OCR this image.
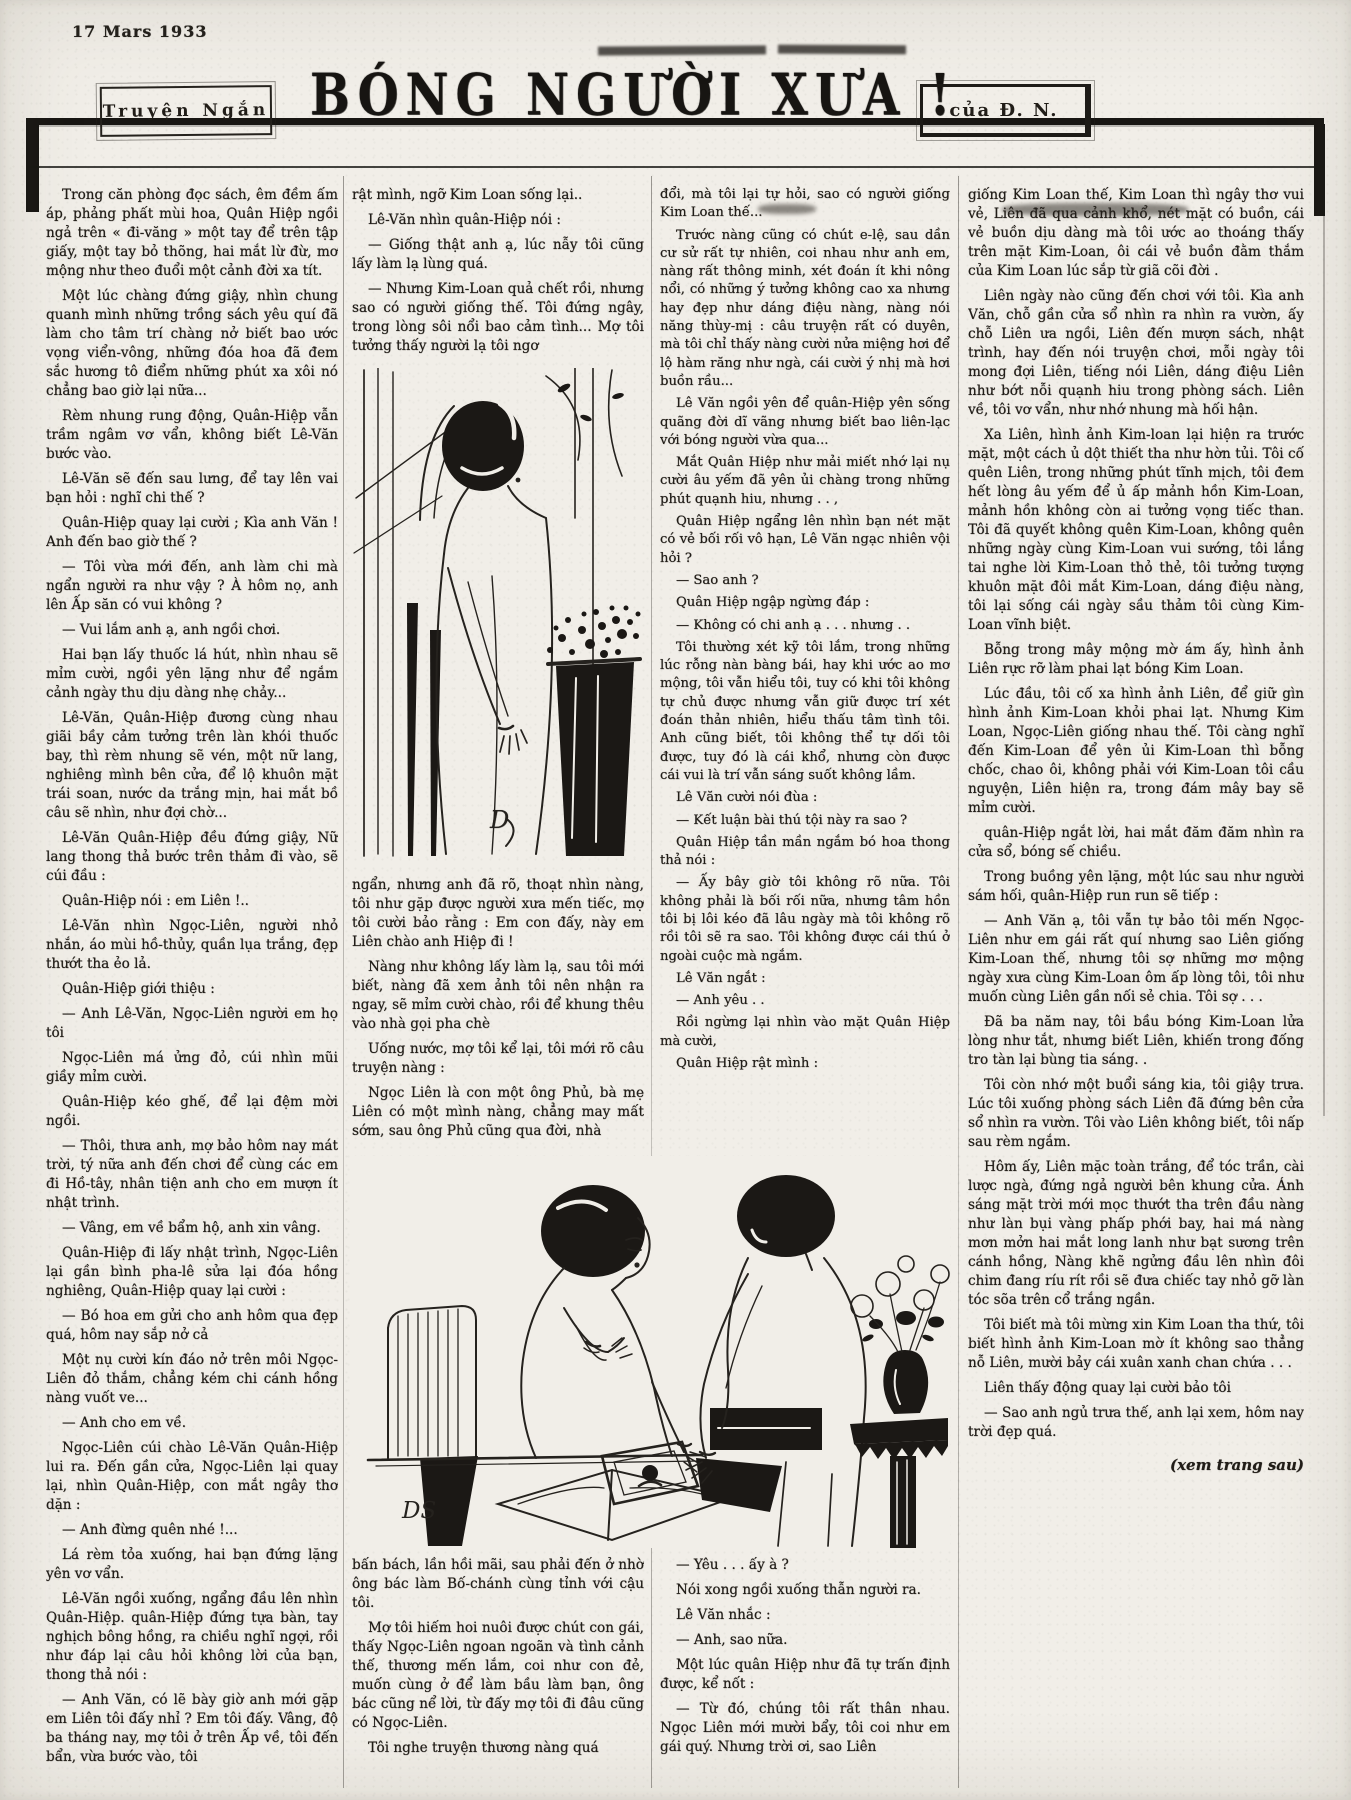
17 Mars 1933
Truyện Ngắn BÓNG NGƯỜI XƯA !
của Đ. N.

Trong căn phòng đọc sách, êm đềm ấm áp, phảng phất mùi hoa, Quân Hiệp ngồi ngả trên « đi-văng » một tay để trên tập giấy, một tay bỏ thõng, hai mắt lừ đừ, mơ mộng như theo đuổi một cảnh đời xa tít.

Một lúc chàng đứng giậy, nhìn chung quanh mình những trồng sách yêu quí đã làm cho tâm trí chàng nở biết bao ước vọng viển-vông, những đóa hoa đã đem sắc hương tô điểm những phút xa xôi nó chẳng bao giờ lại nữa...

Rèm nhung rung động, Quân-Hiệp vẫn trầm ngâm vơ vẩn, không biết Lê-Văn bước vào.

Lê-Văn sẽ đến sau lưng, để tay lên vai bạn hỏi : nghĩ chi thế ?

Quân-Hiệp quay lại cười ; Kìa anh Văn ! Anh đến bao giờ thế ?

— Tôi vừa mới đến, anh làm chi mà ngẩn người ra như vậy ? À hôm nọ, anh lên Ấp săn có vui không ?

— Vui lắm anh ạ, anh ngồi chơi.

Hai bạn lấy thuốc lá hút, nhìn nhau sẽ mỉm cười, ngồi yên lặng như để ngắm cảnh ngày thu dịu dàng nhẹ chảy...

Lê-Văn, Quân-Hiệp đương cùng nhau giãi bầy cảm tưởng trên làn khói thuốc bay, thì rèm nhung sẽ vén, một nữ lang, nghiêng mình bên cửa, để lộ khuôn mặt trái soan, nước da trắng mịn, hai mắt bồ câu sẽ nhìn, như đợi chờ...

Lê-Văn Quân-Hiệp đều đứng giậy, Nữ lang thong thả bước trên thảm đi vào, sẽ cúi đầu :

Quân-Hiệp nói : em Liên !..

Lê-Văn nhìn Ngọc-Liên, người nhỏ nhắn, áo mùi hồ-thủy, quần lụa trắng, đẹp thướt tha ẻo lả.

Quân-Hiệp giới thiệu :

— Anh Lê-Văn, Ngọc-Liên người em họ tôi

Ngọc-Liên má ửng đỏ, cúi nhìn mũi giầy mỉm cười.

Quân-Hiệp kéo ghế, để lại đệm mời ngồi.

— Thôi, thưa anh, mợ bảo hôm nay mát trời, tý nữa anh đến chơi để cùng các em đi Hồ-tây, nhân tiện anh cho em mượn ít nhật trình.

— Vâng, em về bẩm hộ, anh xin vâng.

Quân-Hiệp đi lấy nhật trình, Ngọc-Liên lại gần bình pha-lê sửa lại đóa hồng nghiêng, Quân-Hiệp quay lại cười :

— Bó hoa em gửi cho anh hôm qua đẹp quá, hôm nay sắp nở cả

Một nụ cười kín đáo nở trên môi Ngọc-Liên đỏ thắm, chẳng kém chi cánh hồng nàng vuốt ve...

— Anh cho em về.

Ngọc-Liên cúi chào Lê-Văn Quân-Hiệp lui ra. Đến gần cửa, Ngọc-Liên lại quay lại, nhìn Quân-Hiệp, con mắt ngây thơ dặn :

— Anh đừng quên nhé !...

Lá rèm tỏa xuống, hai bạn đứng lặng yên vơ vẩn.

Lê-Văn ngồi xuống, ngẩng đầu lên nhìn Quân-Hiệp. quân-Hiệp đứng tựa bàn, tay nghịch bông hồng, ra chiều nghĩ ngợi, rồi như đáp lại câu hỏi không lời của bạn, thong thả nói :

— Anh Văn, có lẽ bày giờ anh mới gặp em Liên tôi đấy nhỉ ? Em tôi đấy. Vâng, độ ba tháng nay, mợ tôi ở trên Ấp về, tôi đến bẩn, vừa bước vào, tôi

rật mình, ngỡ Kim Loan sống lại..

Lê-Văn nhìn quân-Hiệp nói :

— Giống thật anh ạ, lúc nẫy tôi cũng lấy làm lạ lùng quá.

— Nhưng Kim-Loan quả chết rồi, nhưng sao có người giống thế. Tôi đứng ngây, trong lòng sôi nổi bao cảm tình... Mợ tôi tưởng thấy người lạ tôi ngơ

D

ngẩn, nhưng anh đã rõ, thoạt nhìn nàng, tôi như gặp được người xưa mến tiếc, mợ tôi cười bảo rằng : Em con đấy, này em Liên chào anh Hiệp đi !

Nàng như không lấy làm lạ, sau tôi mới biết, nàng đã xem ảnh tôi nên nhận ra ngay, sẽ mỉm cười chào, rồi để khung thêu vào nhà gọi pha chè

Uống nước, mợ tôi kể lại, tôi mới rõ câu truyện nàng :

Ngọc Liên là con một ông Phủ, bà mẹ Liên có một mình nàng, chẳng may mất sớm, sau ông Phủ cũng qua đời, nhà

bấn bách, lần hồi mãi, sau phải đến ở nhờ ông bác làm Bố-chánh cùng tỉnh với cậu tôi.

Mợ tôi hiếm hoi nuôi được chút con gái, thấy Ngọc-Liên ngoan ngoãn và tình cảnh thế, thương mến lắm, coi như con đẻ, muốn cùng ở để làm bầu làm bạn, ông bác cũng nể lời, từ đấy mợ tôi đi đâu cũng có Ngọc-Liên.

Tôi nghe truyện thương nàng quá

đổi, mà tôi lại tự hỏi, sao có người giống Kim Loan thế...

Trước nàng cũng có chút e-lệ, sau dần cư sử rất tự nhiên, coi nhau như anh em, nàng rất thông minh, xét đoán ít khi nông nổi, có những ý tưởng không cao xa nhưng hay đẹp như dáng điệu nàng, nàng nói năng thùy-mị : câu truyện rất có duyên, mà tôi chỉ thấy nàng cười nửa miệng hơi để lộ hàm răng như ngà, cái cười ý nhị mà hơi buồn rầu...

Lê Văn ngồi yên để quân-Hiệp yên sống quãng đời dĩ vãng nhưng biết bao liên-lạc với bóng người vừa qua...

Mắt Quân Hiệp như mải miết nhớ lại nụ cười âu yếm đã yên ủi chàng trong những phút quạnh hiu, nhưng . . ,

Quân Hiệp ngẩng lên nhìn bạn nét mặt có vẻ bối rối vô hạn, Lê Văn ngạc nhiên vội hỏi ?

— Sao anh ?

Quân Hiệp ngập ngừng đáp :

— Không có chi anh ạ . . . nhưng . .

Tôi thường xét kỹ tôi lắm, trong những lúc rỗng nàn bàng bái, hay khi ước ao mơ mộng, tôi vẫn hiểu tôi, tuy có khi tôi không tự chủ được nhưng vẫn giữ được trí xét đoán thản nhiên, hiểu thấu tâm tình tôi. Anh cũng biết, tôi không thể tự dối tôi được, tuy đó là cái khổ, nhưng còn được cái vui là trí vẫn sáng suốt không lầm.

Lê Văn cười nói đùa :

— Kết luận bài thú tội này ra sao ?

Quân Hiệp tần mần ngắm bó hoa thong thả nói :

— Ấy bây giờ tôi không rõ nữa. Tôi không phải là bối rối nữa, nhưng tâm hồn tôi bị lôi kéo đã lâu ngày mà tôi không rõ rồi tôi sẽ ra sao. Tôi không được cái thú ở ngoài cuộc mà ngắm.

Lê Văn ngắt :

— Anh yêu . .

Rồi ngừng lại nhìn vào mặt Quân Hiệp mà cười,

Quân Hiệp rật mình :

— Yêu . . . ấy à ?

Nói xong ngồi xuống thẫn người ra.

Lê Văn nhắc :

— Anh, sao nữa.

Một lúc quân Hiệp như đã tự trấn định được, kể nốt :

— Từ đó, chúng tôi rất thân nhau. Ngọc Liên mới mười bẩy, tôi coi như em gái quý. Nhưng trời ơi, sao Liên

giống Kim Loan thế, Kim Loan thì ngây thơ vui vẻ, Liên đã qua cảnh khổ, nét mặt có buồn, cái vẻ buồn dịu dàng mà tôi ước ao thoáng thấy trên mặt Kim-Loan, ôi cái vẻ buồn đằm thắm của Kim Loan lúc sắp từ giã cõi đời .

Liên ngày nào cũng đến chơi với tôi. Kìa anh Văn, chỗ gần cửa sổ nhìn ra nhìn ra vườn, ấy chỗ Liên ưa ngồi, Liên đến mượn sách, nhật trình, hay đến nói truyện chơi, mỗi ngày tôi mong đợi Liên, tiếng nói Liên, dáng điệu Liên như bớt nỗi quạnh hiu trong phòng sách. Liên về, tôi vơ vẩn, như nhớ nhung mà hối hận.

Xa Liên, hình ảnh Kim-loan lại hiện ra trước mặt, một cách ủ dột thiết tha như hờn tủi. Tôi cố quên Liên, trong những phút tĩnh mịch, tôi đem hết lòng âu yếm để ủ ấp mảnh hồn Kim-Loan, mảnh hồn không còn ai tưởng vọng tiếc than. Tôi đã quyết không quên Kim-Loan, không quên những ngày cùng Kim-Loan vui sướng, tôi lắng tai nghe lời Kim-Loan thỏ thẻ, tôi tưởng tượng khuôn mặt đôi mắt Kim-Loan, dáng điệu nàng, tôi lại sống cái ngày sầu thảm tôi cùng Kim-Loan vĩnh biệt.

Bỗng trong mây mộng mờ ám ấy, hình ảnh Liên rực rỡ làm phai lạt bóng Kim Loan.

Lúc đầu, tôi cố xa hình ảnh Liên, để giữ gìn hình ảnh Kim-Loan khỏi phai lạt. Nhưng Kim Loan, Ngọc-Liên giống nhau thế. Tôi càng nghĩ đến Kim-Loan để yên ủi Kim-Loan thì bỗng chốc, chao ôi, không phải với Kim-Loan tôi cầu nguyện, Liên hiện ra, trong đám mây bay sẽ mỉm cười.

quân-Hiệp ngắt lời, hai mắt đăm đăm nhìn ra cửa sổ, bóng sế chiều.

Trong buồng yên lặng, một lúc sau như người sám hối, quân-Hiệp run run sẽ tiếp :

— Anh Văn ạ, tôi vẫn tự bảo tôi mến Ngọc-Liên như em gái rất quí nhưng sao Liên giống Kim-Loan thế, nhưng tôi sợ những mơ mộng ngày xưa cùng Kim-Loan ôm ấp lòng tôi, tôi như muốn cùng Liên gần nối sẻ chia. Tôi sợ . . .

Đã ba năm nay, tôi bầu bóng Kim-Loan lửa lòng như tắt, nhưng biết Liên, khiến trong đống tro tàn lại bùng tia sáng. .

Tôi còn nhớ một buổi sáng kia, tôi giậy trưa. Lúc tôi xuống phòng sách Liên đã đứng bên cửa sổ nhìn ra vườn. Tôi vào Liên không biết, tôi nấp sau rèm ngắm.

Hôm ấy, Liên mặc toàn trắng, để tóc trần, cài lược ngà, đứng ngả người bên khung cửa. Ánh sáng mặt trời mới mọc thướt tha trên đầu nàng như làn bụi vàng phấp phới bay, hai má nàng mơn mởn hai mắt long lanh như bạt sương trên cánh hồng, Nàng khẽ ngửng đầu lên nhìn đôi chim đang ríu rít rồi sẽ đưa chiếc tay nhỏ gỡ làn tóc sõa trên cổ trắng ngần.

Tôi biết mà tôi mừng xin Kim Loan tha thứ, tôi biết hình ảnh Kim-Loan mờ ít không sao thẳng nỗ Liên, mười bảy cái xuân xanh chan chứa . . .

Liên thấy động quay lại cười bảo tôi

— Sao anh ngủ trưa thế, anh lại xem, hôm nay trời đẹp quá.

(xem trang sau)

DS
